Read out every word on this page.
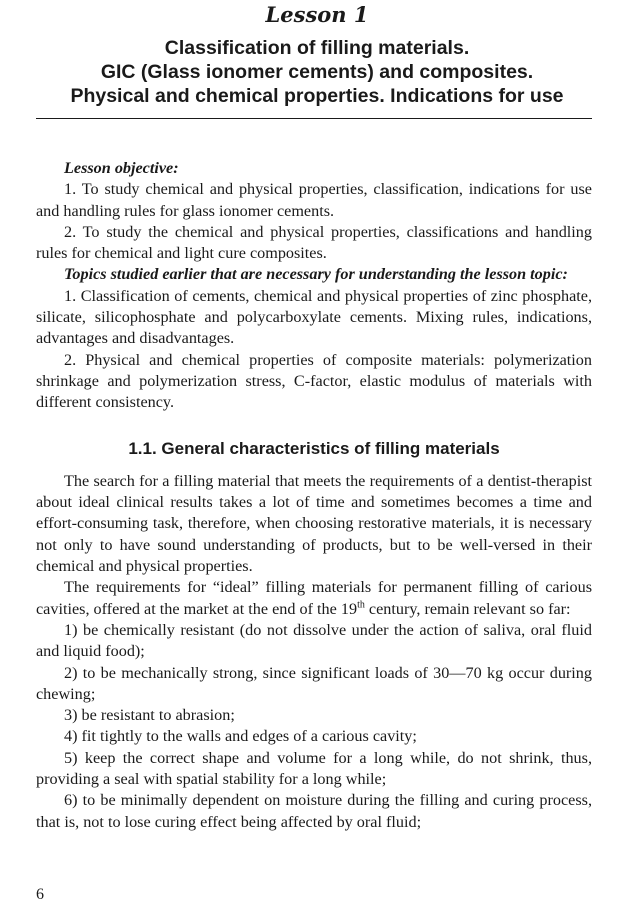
Lesson 1
Classification of filling materials.
GIC (Glass ionomer cements) and composites.
Physical and chemical properties. Indications for use

Lesson objective:

1. To study chemical and physical properties, classification, indications for use and handling rules for glass ionomer cements.

2. To study the chemical and physical properties, classifications and handling rules for chemical and light cure composites.

Topics studied earlier that are necessary for understanding the lesson topic:

1. Classification of cements, chemical and physical properties of zinc phosphate, silicate, silicophosphate and polycarboxylate cements. Mixing rules, indications, advantages and disadvantages.

2. Physical and chemical properties of composite materials: polymerization shrinkage and polymerization stress, C-factor, elastic modulus of materials with different consistency.

1.1. General characteristics of filling materials

The search for a filling material that meets the requirements of a dentist-therapist about ideal clinical results takes a lot of time and sometimes becomes a time and effort-consuming task, therefore, when choosing restorative materials, it is necessary not only to have sound understanding of products, but to be well-versed in their chemical and physical properties.

The requirements for “ideal” filling materials for permanent filling of carious cavities, offered at the market at the end of the 19th century, remain relevant so far:

1) be chemically resistant (do not dissolve under the action of saliva, oral fluid and liquid food);

2) to be mechanically strong, since significant loads of 30—70 kg occur during chewing;

3) be resistant to abrasion;

4) fit tightly to the walls and edges of a carious cavity;

5) keep the correct shape and volume for a long while, do not shrink, thus, providing a seal with spatial stability for a long while;

6) to be minimally dependent on moisture during the filling and curing process, that is, not to lose curing effect being affected by oral fluid;

6
